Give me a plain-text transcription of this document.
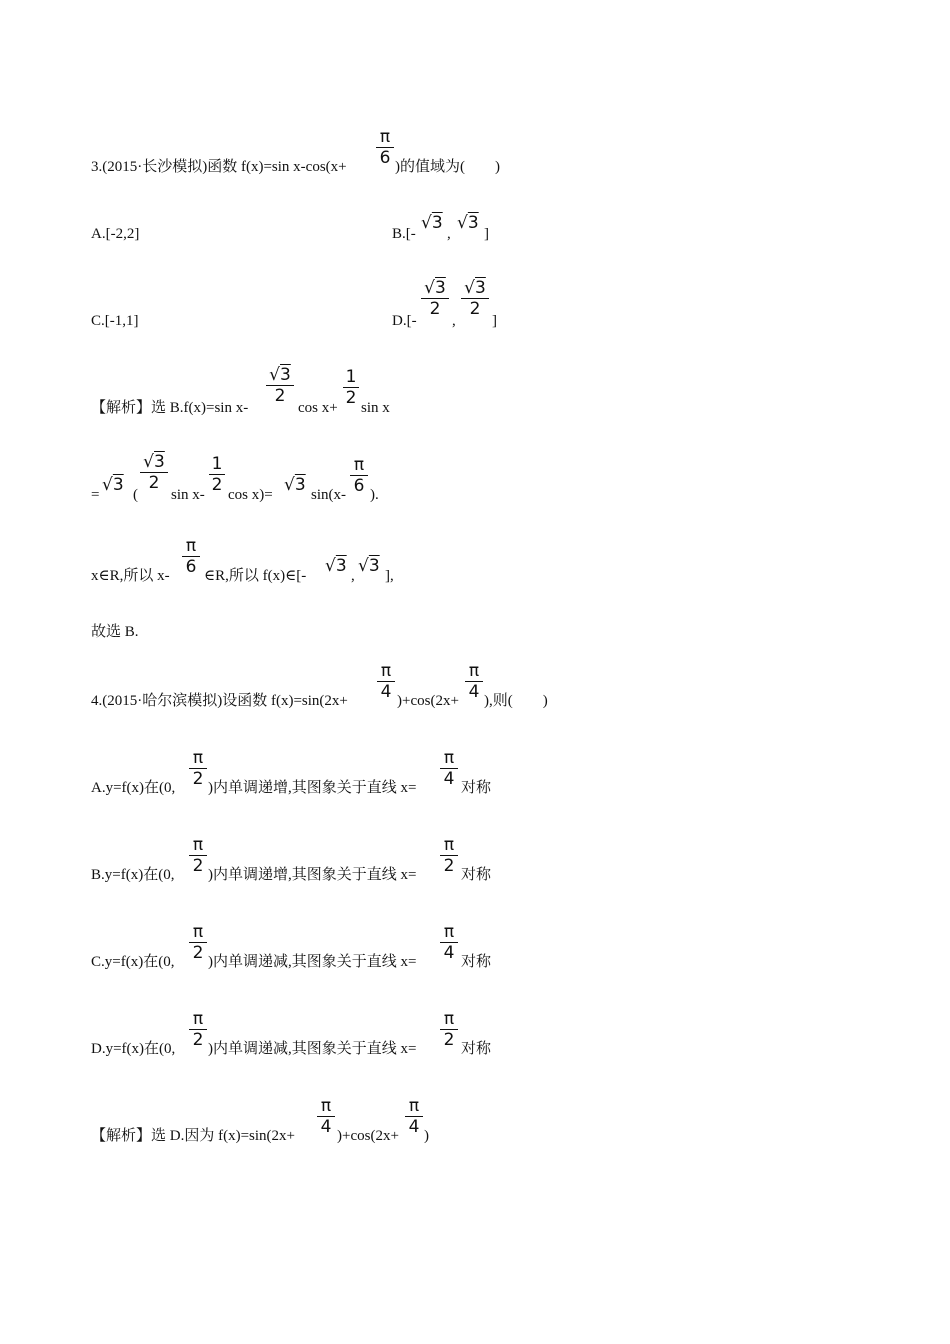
3.(2015·长沙模拟)函数 f(x)=sin $x-\cos(x+ \frac{\pi}{6}$ )的值域为(　　)
A.[-2,2]	B.[-
√3
,
√3
]
C.[-1,1]	D.[-
$\frac{√3}{2}$
,
$\frac{√3}{2}$
]
【解析】选 B.f(x)=sin x-
$\frac{√3}{2}$
$\cos x+ \frac{1}{2}$ sin x
= √3 (
$\frac{√3}{2}$
$\sin x- \frac{1}{2}$ cos x)= √3 $\sin(x- \frac{\pi}{6}$ ).
x∈R,所以 $x- \frac{\pi}{6}$ ∈R,所以 f(x)∈[- √3 , √3 ],
故选 B.
4.(2015·哈尔滨模拟)设函数 $f(x)=\sin(2x+ \frac{\pi}{4} )+\cos(2x+ \frac{\pi}{4}$ ),则(　　)
A.y=f(x)在(0, $\frac{\pi}{2}$ )内单调递增,其图象关于直线 $x= \frac{\pi}{4}$ 对称
B.y=f(x)在(0, $\frac{\pi}{2}$ )内单调递增,其图象关于直线 $x= \frac{\pi}{2}$ 对称
C.y=f(x)在(0, $\frac{\pi}{2}$ )内单调递减,其图象关于直线 $x= \frac{\pi}{4}$ 对称
D.y=f(x)在(0, $\frac{\pi}{2}$ )内单调递减,其图象关于直线 $x= \frac{\pi}{2}$ 对称
【解析】选 D.因为 $f(x)=\sin(2x+ \frac{\pi}{4} )+\cos(2x+ \frac{\pi}{4}$ )
